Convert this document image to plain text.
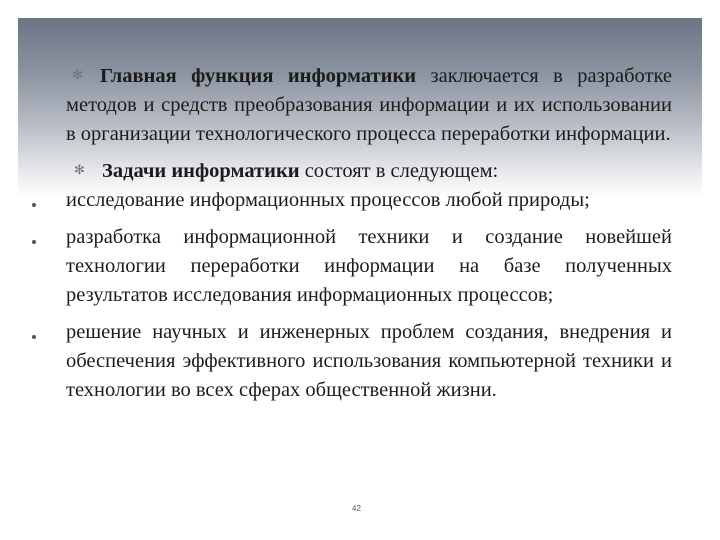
✻ Главная функция информатики заключается в разработке методов и средств преобразования информации и их использовании в организации технологического процесса переработки информации.
✻ Задачи информатики состоят в следующем:
исследование информационных процессов любой природы;
разработка информационной техники и создание новейшей технологии переработки информации на базе полученных результатов исследования информационных процессов;
решение научных и инженерных проблем создания, внедрения и обеспечения эффективного использования компьютерной техники и технологии во всех сферах общественной жизни.
42
